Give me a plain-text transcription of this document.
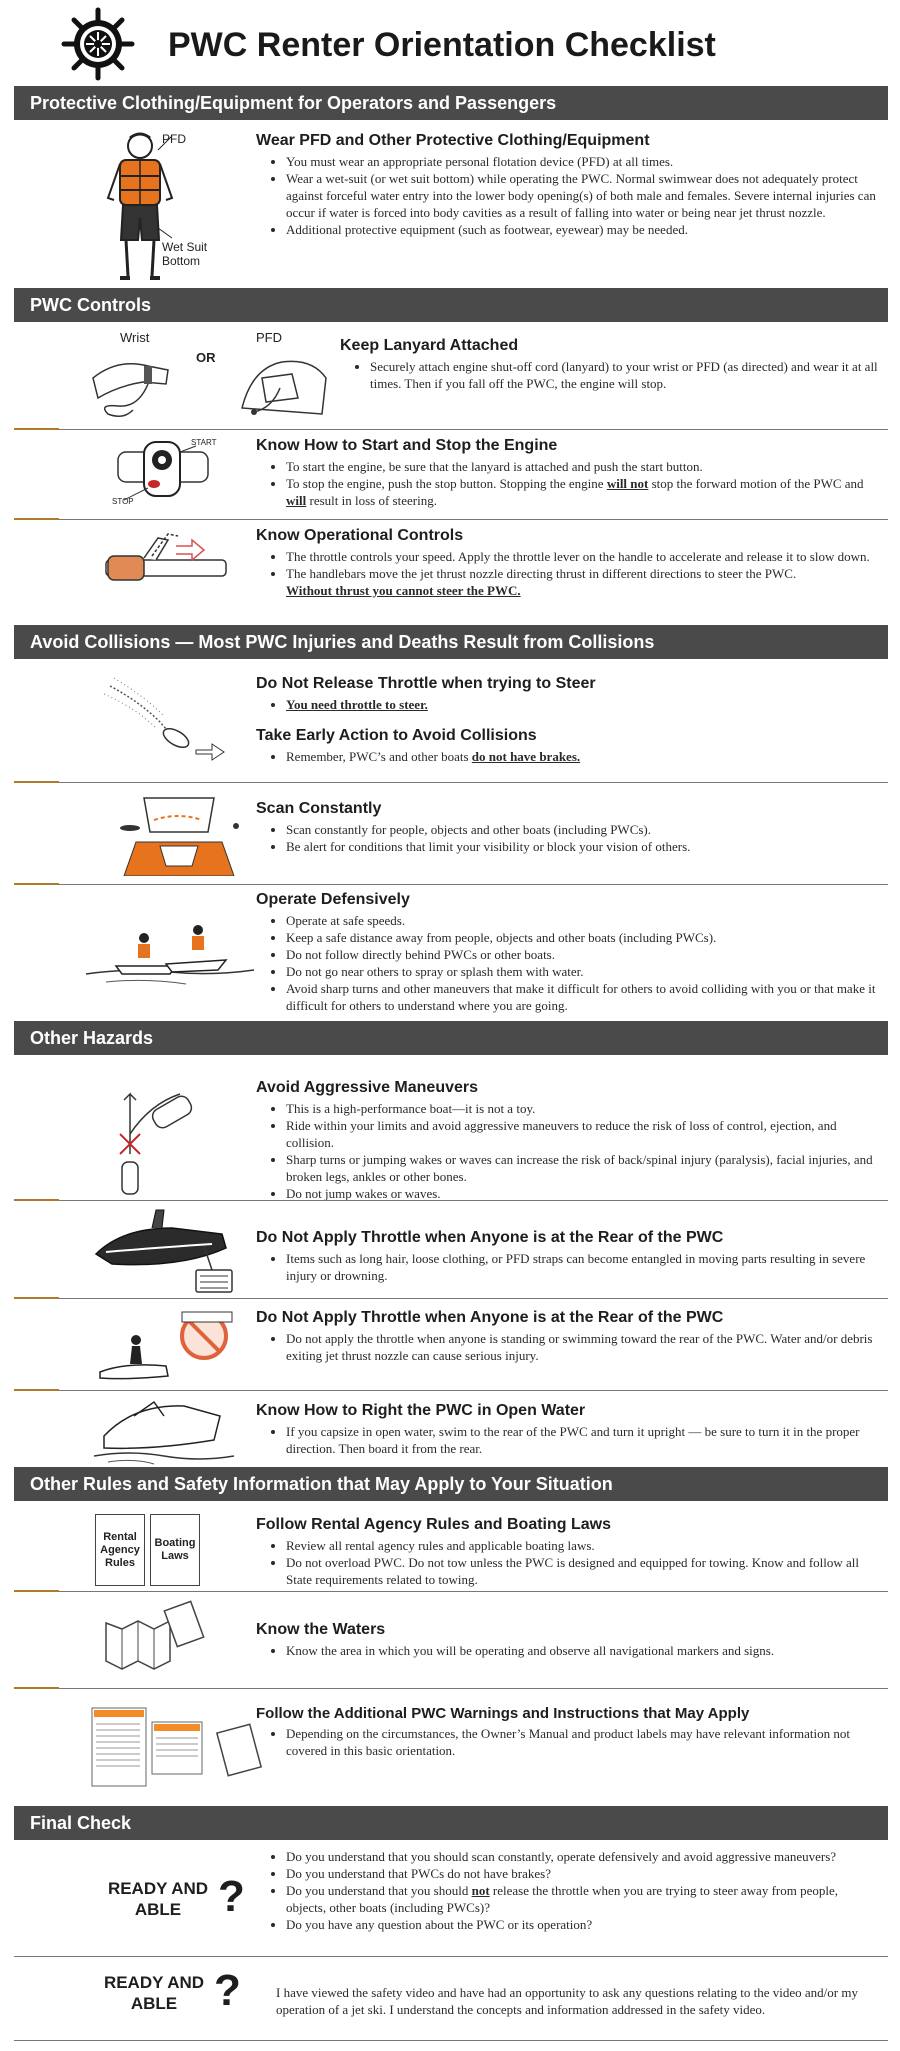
PWC Renter Orientation Checklist
Protective Clothing/Equipment for Operators and Passengers
PFD
Wet Suit
Bottom
Wear PFD and Other Protective Clothing/Equipment
• You must wear an appropriate personal flotation device (PFD) at all times.
• Wear a wet-suit (or wet suit bottom) while operating the PWC. Normal swimwear does not adequately protect against forceful water entry into the lower body opening(s) of both male and females. Severe internal injuries can occur if water is forced into body cavities as a result of falling into water or being near jet thrust nozzle.
• Additional protective equipment (such as footwear, eyewear) may be needed.
PWC Controls
Wrist
OR
PFD	Keep Lanyard Attached
• Securely attach engine shut-off cord (lanyard) to your wrist or PFD (as directed) and wear it at all times. Then if you fall off the PWC, the engine will stop.
START
STOP
Know How to Start and Stop the Engine
• To start the engine, be sure that the lanyard is attached and push the start button.
• To stop the engine, push the stop button. Stopping the engine will not stop the forward motion of the PWC and will result in loss of steering.
Know Operational Controls
• The throttle controls your speed. Apply the throttle lever on the handle to accelerate and release it to slow down.
• The handlebars move the jet thrust nozzle directing thrust in different directions to steer the PWC.
Without thrust you cannot steer the PWC.
Avoid Collisions — Most PWC Injuries and Deaths Result from Collisions
Do Not Release Throttle when trying to Steer
• You need throttle to steer.
Take Early Action to Avoid Collisions
• Remember, PWC’s and other boats do not have brakes.
Scan Constantly
• Scan constantly for people, objects and other boats (including PWCs).
• Be alert for conditions that limit your visibility or block your vision of others.
Operate Defensively
• Operate at safe speeds.
• Keep a safe distance away from people, objects and other boats (including PWCs).
• Do not follow directly behind PWCs or other boats.
• Do not go near others to spray or splash them with water.
• Avoid sharp turns and other maneuvers that make it difficult for others to avoid colliding with you or that make it difficult for others to understand where you are going.
Other Hazards
Avoid Aggressive Maneuvers
• This is a high-performance boat—it is not a toy.
• Ride within your limits and avoid aggressive maneuvers to reduce the risk of loss of control, ejection, and collision.
• Sharp turns or jumping wakes or waves can increase the risk of back/spinal injury (paralysis), facial injuries, and broken legs, ankles or other bones.
• Do not jump wakes or waves.
Do Not Apply Throttle when Anyone is at the Rear of the PWC
• Items such as long hair, loose clothing, or PFD straps can become entangled in moving parts resulting in severe injury or drowning.
Do Not Apply Throttle when Anyone is at the Rear of the PWC
• Do not apply the throttle when anyone is standing or swimming toward the rear of the PWC. Water and/or debris exiting jet thrust nozzle can cause serious injury.
Know How to Right the PWC in Open Water
• If you capsize in open water, swim to the rear of the PWC and turn it upright — be sure to turn it in the proper direction. Then board it from the rear.
Other Rules and Safety Information that May Apply to Your Situation
Rental Agency Rules
Boating Laws
Follow Rental Agency Rules and Boating Laws
• Review all rental agency rules and applicable boating laws.
• Do not overload PWC. Do not tow unless the PWC is designed and equipped for towing. Know and follow all State requirements related to towing.
Know the Waters
• Know the area in which you will be operating and observe all navigational markers and signs.
Follow the Additional PWC Warnings and Instructions that May Apply
• Depending on the circumstances, the Owner’s Manual and product labels may have relevant information not covered in this basic orientation.
Final Check
READY AND
ABLE ?
• Do you understand that you should scan constantly, operate defensively and avoid aggressive maneuvers?
• Do you understand that PWCs do not have brakes?
• Do you understand that you should not release the throttle when you are trying to steer away from people, objects, other boats (including PWCs)?
• Do you have any question about the PWC or its operation?
READY AND
ABLE ?	I have viewed the safety video and have had an opportunity to ask any questions relating to the video and/or my operation of a jet ski. I understand the concepts and information addressed in the safety video.
